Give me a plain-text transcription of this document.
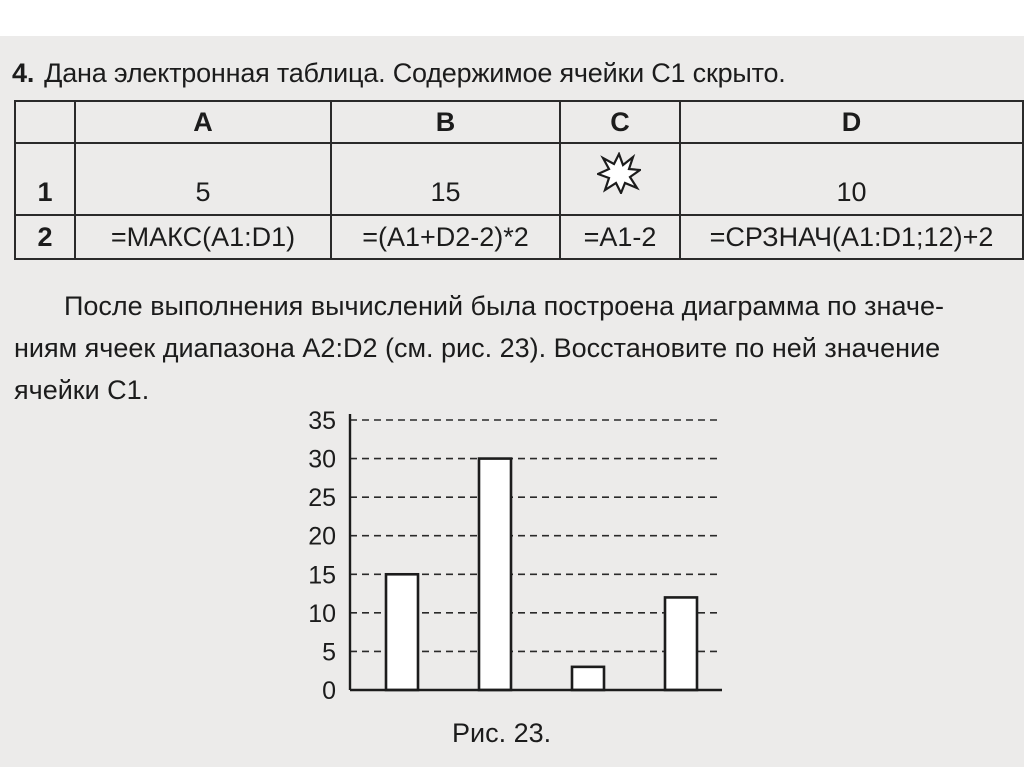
4. Дана электронная таблица. Содержимое ячейки C1 скрыто.
	A	B	C	D
1	5	15		10
2	=МАКС(A1:D1)	=(A1+D2-2)*2	=A1-2	=СРЗНАЧ(A1:D1;12)+2
После выполнения вычислений была построена диаграмма по значе-
ниям ячеек диапазона A2:D2 (см. рис. 23). Восстановите по ней значение
ячейки C1.
0
5
10
15
20
25
30
35
Рис. 23.
